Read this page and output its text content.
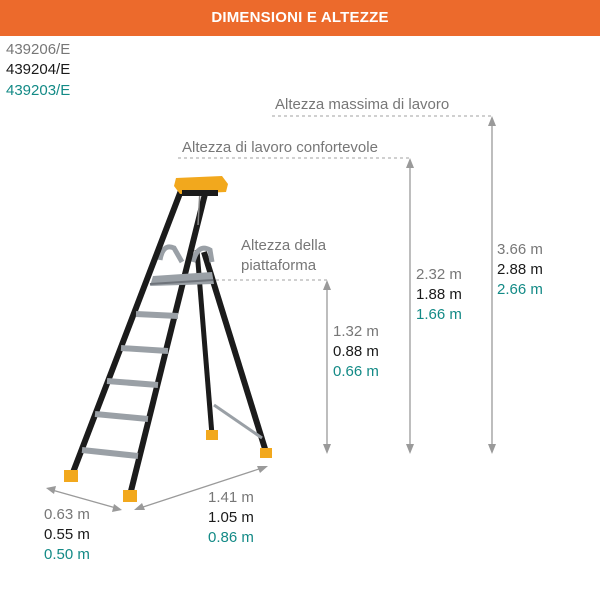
DIMENSIONI E ALTEZZE
439206/E
439204/E
439203/E
Altezza massima di lavoro
Altezza di lavoro confortevole
Altezza della
piattaforma
3.66 m
2.88 m
2.66 m
2.32 m
1.88 m
1.66 m
1.32 m
0.88 m
0.66 m
1.41 m
1.05 m
0.86 m
0.63 m
0.55 m
0.50 m
